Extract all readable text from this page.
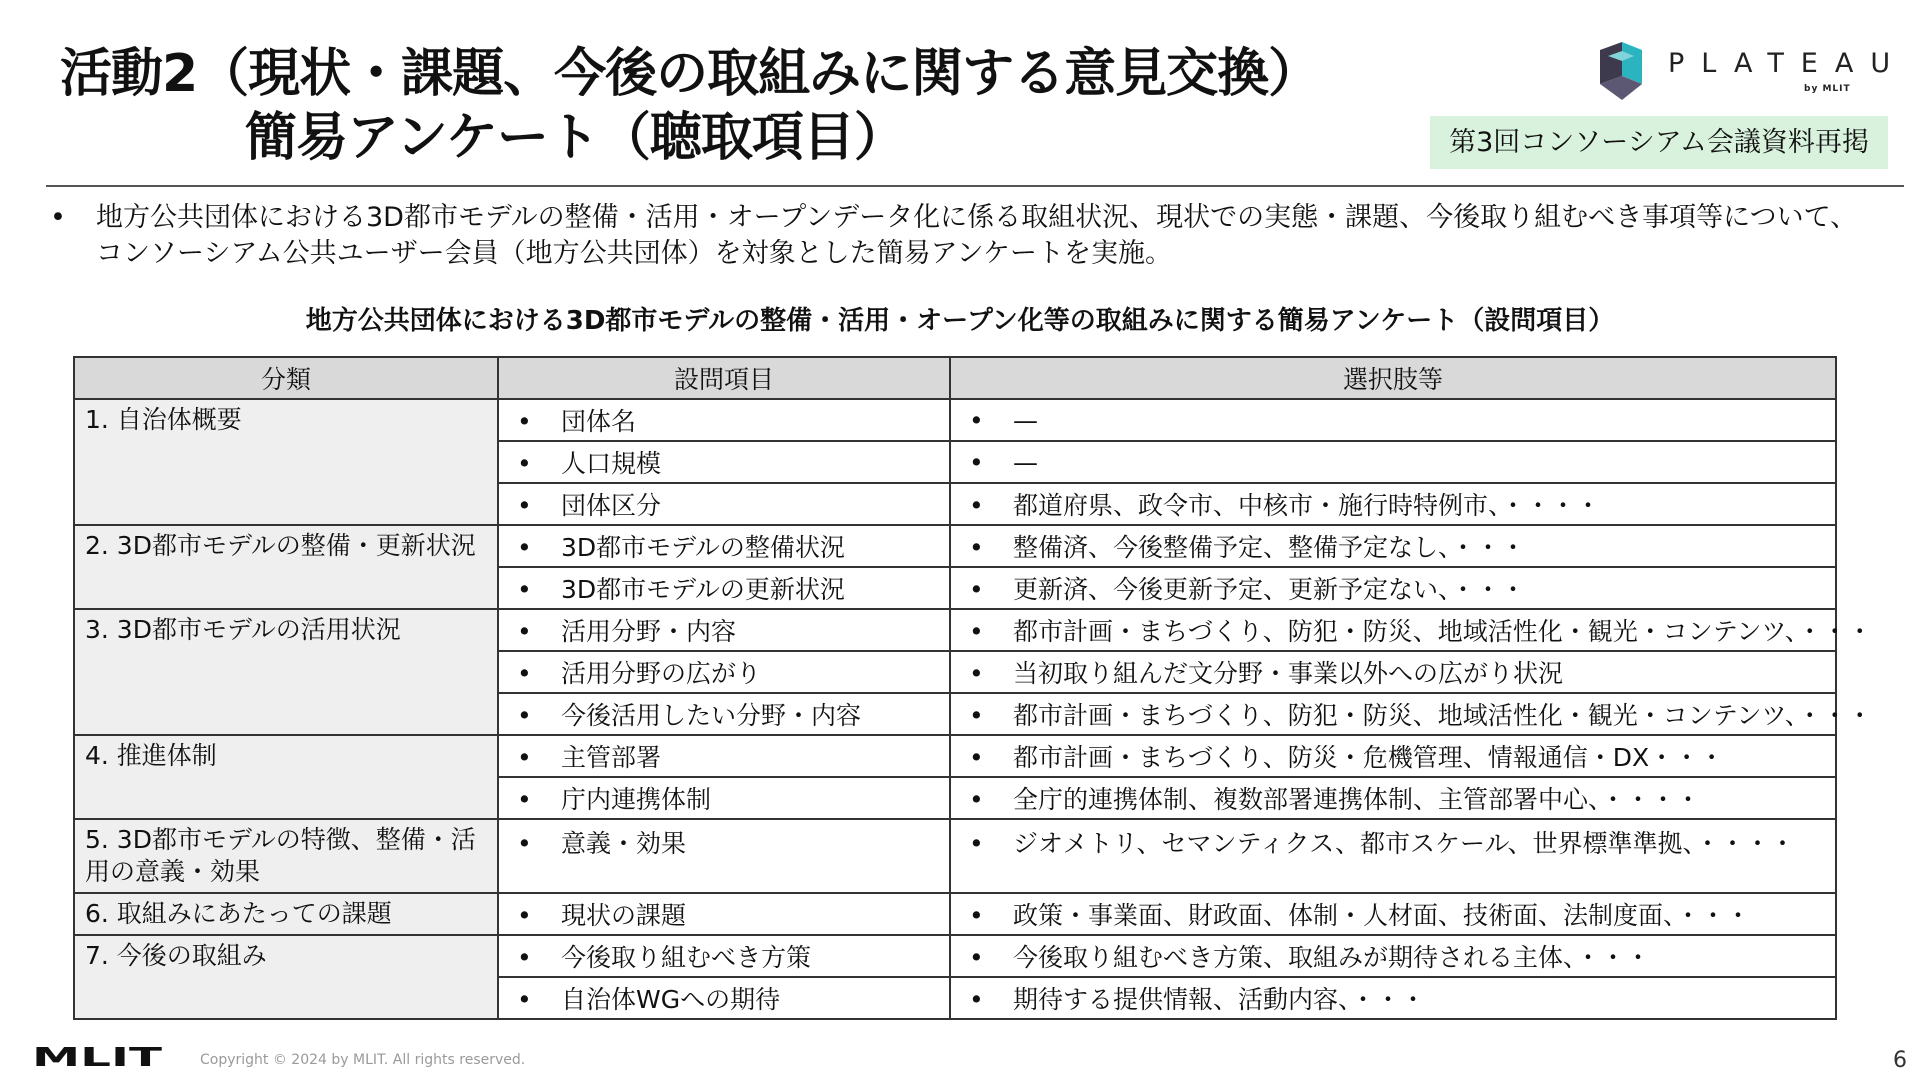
活動2（現状・課題、今後の取組みに関する意見交換）
簡易アンケート（聴取項目）
PLATEAU
by MLIT
第3回コンソーシアム会議資料再掲
• 地方公共団体における3D都市モデルの整備・活用・オープンデータ化に係る取組状況、現状での実態・課題、今後取り組むべき事項等について、コンソーシアム公共ユーザー会員（地方公共団体）を対象とした簡易アンケートを実施。
地方公共団体における3D都市モデルの整備・活用・オープン化等の取組みに関する簡易アンケート（設問項目）
分類	設問項目	選択肢等
1. 自治体概要	• 団体名	• —
	• 人口規模	• —
	• 団体区分	• 都道府県、政令市、中核市・施行時特例市、・・・・
2. 3D都市モデルの整備・更新状況	• 3D都市モデルの整備状況	• 整備済、今後整備予定、整備予定なし、・・・
	• 3D都市モデルの更新状況	• 更新済、今後更新予定、更新予定ない、・・・
3. 3D都市モデルの活用状況	• 活用分野・内容	• 都市計画・まちづくり、防犯・防災、地域活性化・観光・コンテンツ、・・・
	• 活用分野の広がり	• 当初取り組んだ文分野・事業以外への広がり状況
	• 今後活用したい分野・内容	• 都市計画・まちづくり、防犯・防災、地域活性化・観光・コンテンツ、・・・
4. 推進体制	• 主管部署	• 都市計画・まちづくり、防災・危機管理、情報通信・DX・・・
	• 庁内連携体制	• 全庁的連携体制、複数部署連携体制、主管部署中心、・・・・
5. 3D都市モデルの特徴、整備・活用の意義・効果	• 意義・効果	• ジオメトリ、セマンティクス、都市スケール、世界標準準拠、・・・・
6. 取組みにあたっての課題	• 現状の課題	• 政策・事業面、財政面、体制・人材面、技術面、法制度面、・・・
7. 今後の取組み	• 今後取り組むべき方策	• 今後取り組むべき方策、取組みが期待される主体、・・・
	• 自治体WGへの期待	• 期待する提供情報、活動内容、・・・
MLIT	Copyright © 2024 by MLIT. All rights reserved.	6
